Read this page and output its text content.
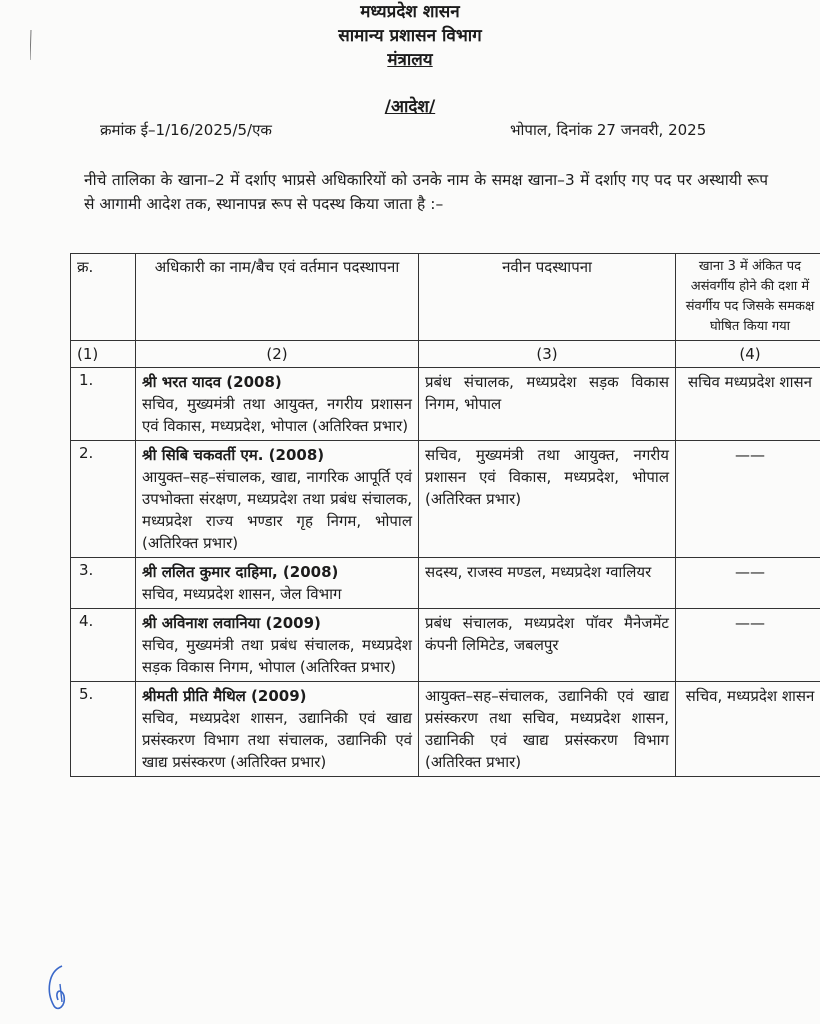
मध्यप्रदेश शासन
सामान्य प्रशासन विभाग
मंत्रालय
/आदेश/
क्रमांक ई–1/16/2025/5/एक	भोपाल, दिनांक 27 जनवरी, 2025
नीचे तालिका के खाना–2 में दर्शाए भाप्रसे अधिकारियों को उनके नाम के समक्ष खाना–3 में दर्शाए गए पद पर अस्थायी रूप से आगामी आदेश तक, स्थानापन्न रूप से पदस्थ किया जाता है :–
क्र.	अधिकारी का नाम/बैच एवं वर्तमान पदस्थापना	नवीन पदस्थापना	खाना 3 में अंकित पद असंवर्गीय होने की दशा में संवर्गीय पद जिसके समकक्ष घोषित किया गया
(1)	(2)	(3)	(4)
1.	श्री भरत यादव (2008)
सचिव, मुख्यमंत्री तथा आयुक्त, नगरीय प्रशासन एवं विकास, मध्यप्रदेश, भोपाल (अतिरिक्त प्रभार)	प्रबंध संचालक, मध्यप्रदेश सड़क विकास निगम, भोपाल	सचिव मध्यप्रदेश शासन
2.	श्री सिबि चकवर्ती एम. (2008)
आयुक्त–सह–संचालक, खाद्य, नागरिक आपूर्ति एवं उपभोक्ता संरक्षण, मध्यप्रदेश तथा प्रबंध संचालक, मध्यप्रदेश राज्य भण्डार गृह निगम, भोपाल (अतिरिक्त प्रभार)	सचिव, मुख्यमंत्री तथा आयुक्त, नगरीय प्रशासन एवं विकास, मध्यप्रदेश, भोपाल (अतिरिक्त प्रभार)	——
3.	श्री ललित कुमार दाहिमा, (2008)
सचिव, मध्यप्रदेश शासन, जेल विभाग	सदस्य, राजस्व मण्डल, मध्यप्रदेश ग्वालियर	——
4.	श्री अविनाश लवानिया (2009)
सचिव, मुख्यमंत्री तथा प्रबंध संचालक, मध्यप्रदेश सड़क विकास निगम, भोपाल (अतिरिक्त प्रभार)	प्रबंध संचालक, मध्यप्रदेश पॉवर मैनेजमेंट कंपनी लिमिटेड, जबलपुर	——
5.	श्रीमती प्रीति मैथिल (2009)
सचिव, मध्यप्रदेश शासन, उद्यानिकी एवं खाद्य प्रसंस्करण विभाग तथा संचालक, उद्यानिकी एवं खाद्य प्रसंस्करण (अतिरिक्त प्रभार)	आयुक्त–सह–संचालक, उद्यानिकी एवं खाद्य प्रसंस्करण तथा सचिव, मध्यप्रदेश शासन, उद्यानिकी एवं खाद्य प्रसंस्करण विभाग (अतिरिक्त प्रभार)	सचिव, मध्यप्रदेश शासन
